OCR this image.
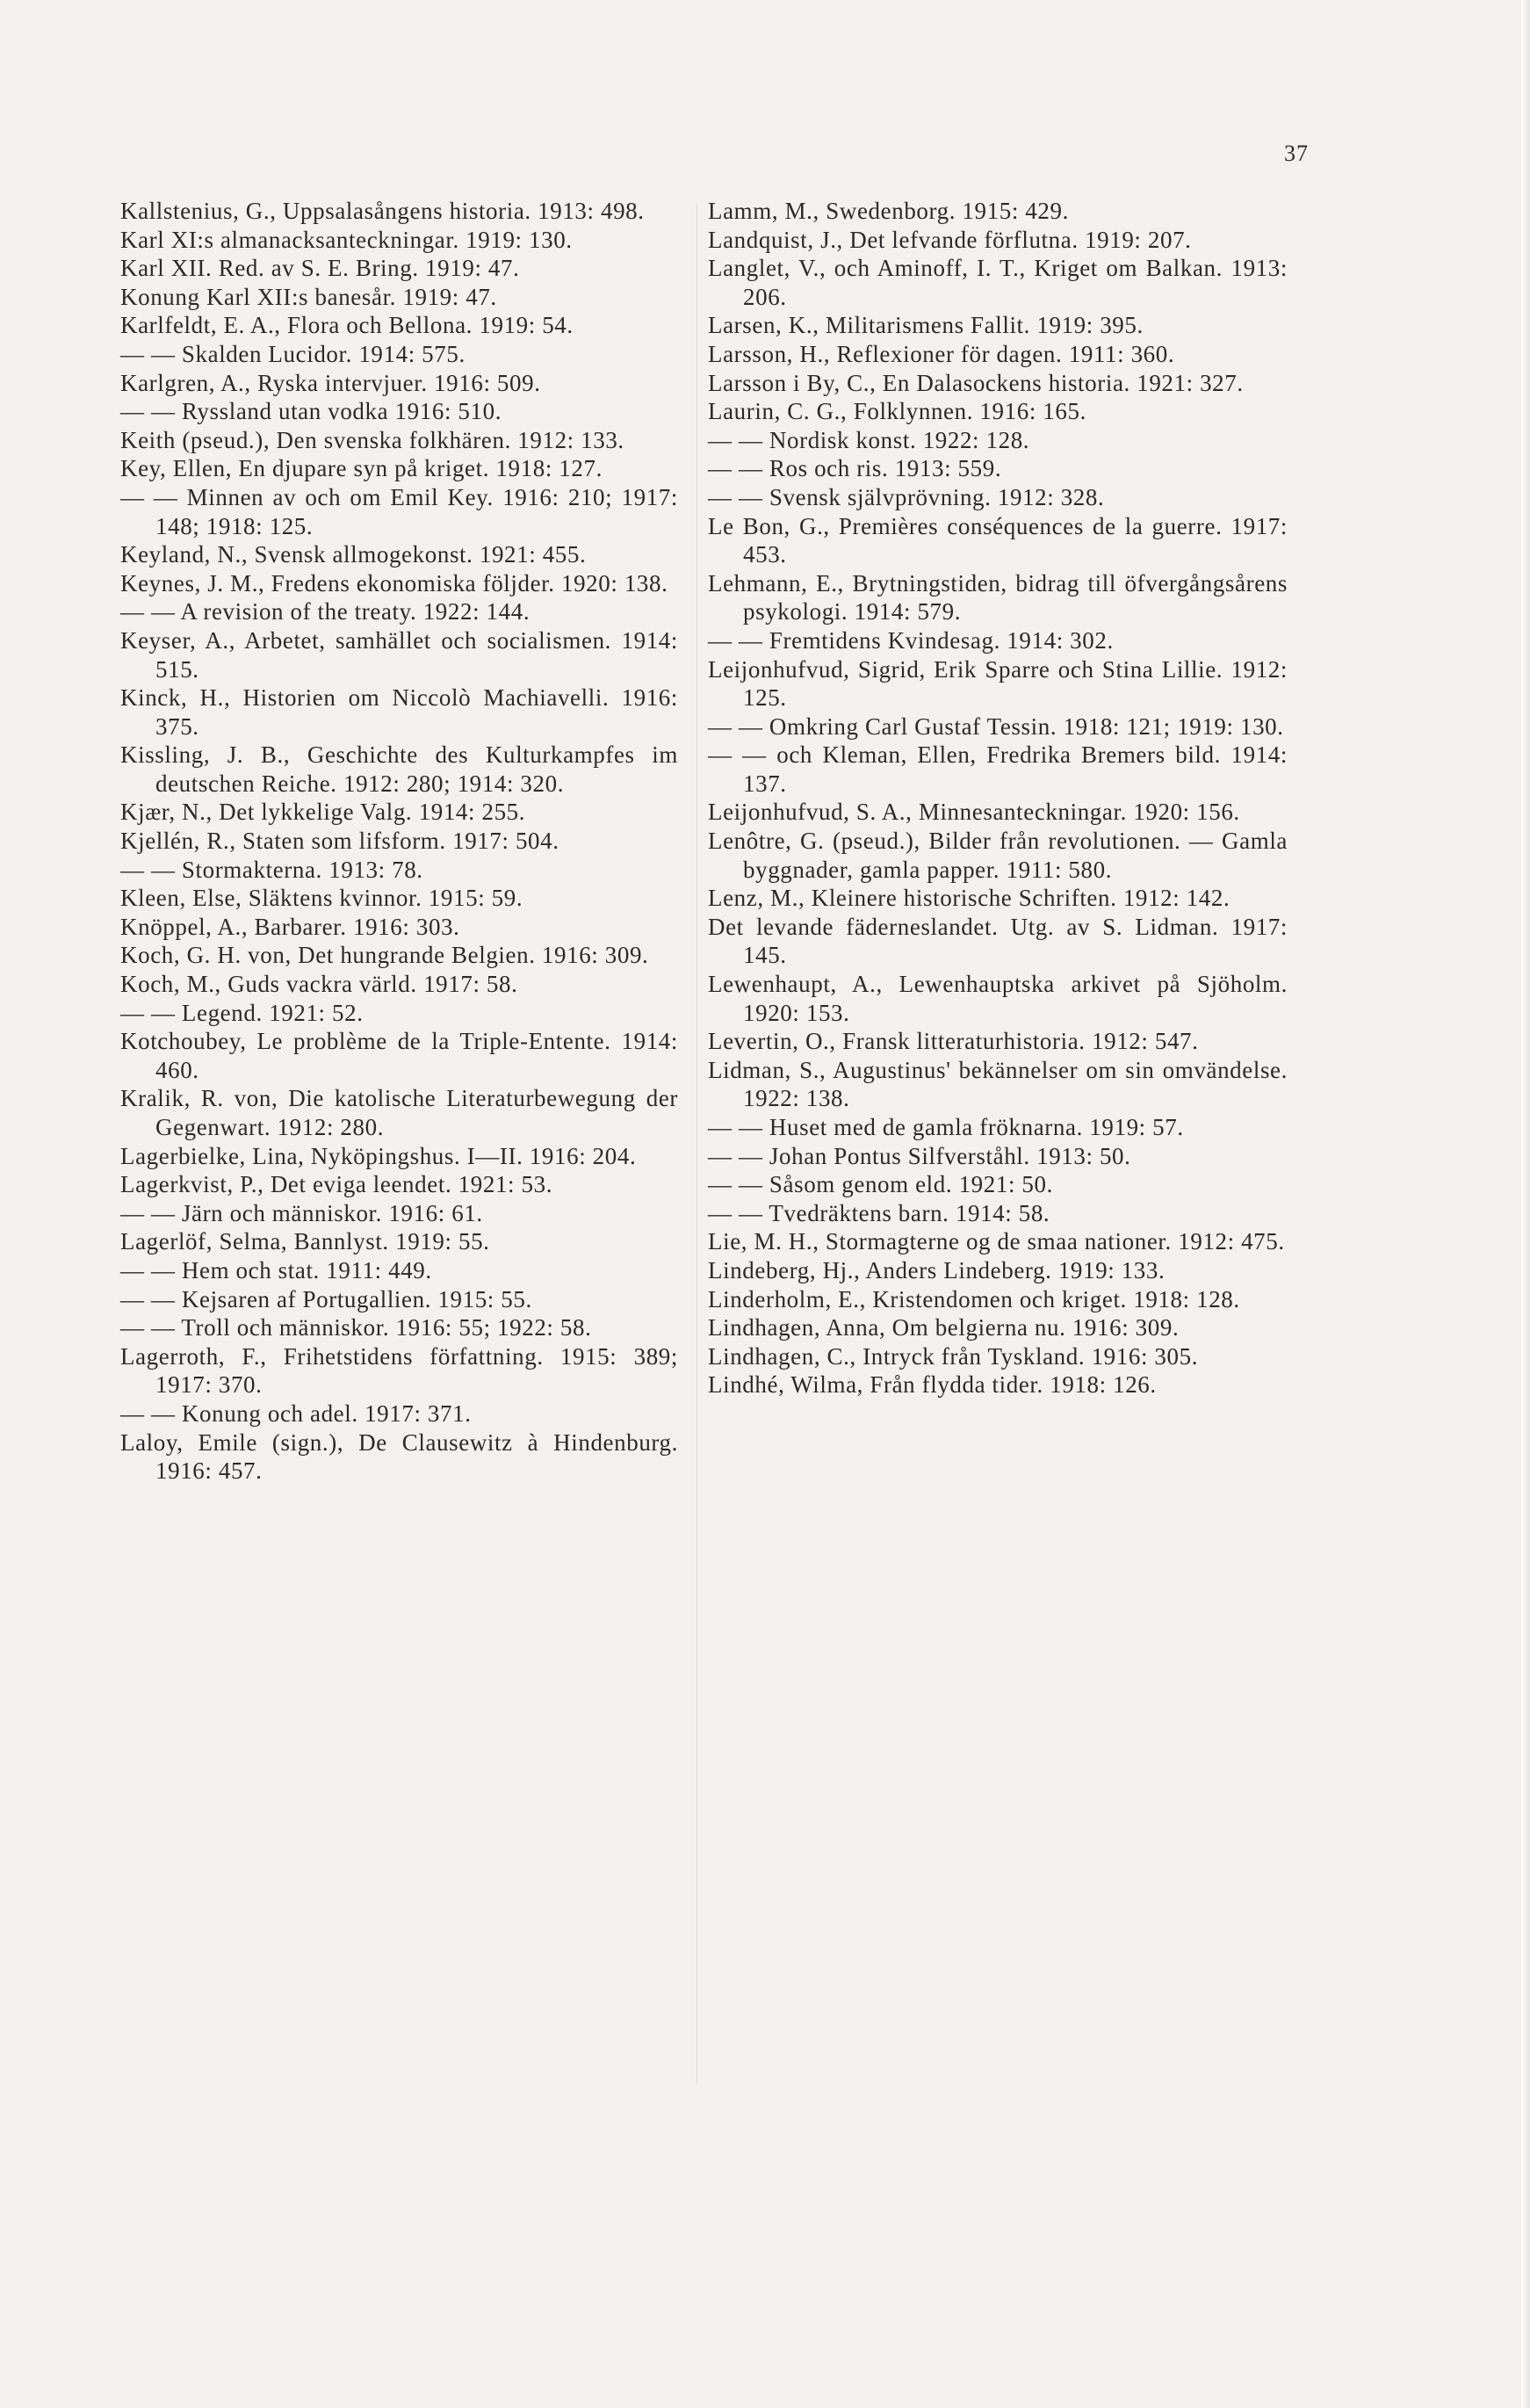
37

Kallstenius, G., Uppsalasångens historia. 1913: 498.

Karl XI:s almanacksanteckningar. 1919: 130.

Karl XII. Red. av S. E. Bring. 1919: 47.

Konung Karl XII:s banesår. 1919: 47.

Karlfeldt, E. A., Flora och Bellona. 1919: 54.

— — Skalden Lucidor. 1914: 575.

Karlgren, A., Ryska intervjuer. 1916: 509.

— — Ryssland utan vodka 1916: 510.

Keith (pseud.), Den svenska folkhären. 1912: 133.

Key, Ellen, En djupare syn på kriget. 1918: 127.

— — Minnen av och om Emil Key. 1916: 210; 1917: 148; 1918: 125.

Keyland, N., Svensk allmogekonst. 1921: 455.

Keynes, J. M., Fredens ekonomiska följder. 1920: 138.

— — A revision of the treaty. 1922: 144.

Keyser, A., Arbetet, samhället och socialismen. 1914: 515.

Kinck, H., Historien om Niccolò Machiavelli. 1916: 375.

Kissling, J. B., Geschichte des Kulturkampfes im deutschen Reiche. 1912: 280; 1914: 320.

Kjær, N., Det lykkelige Valg. 1914: 255.

Kjellén, R., Staten som lifsform. 1917: 504.

— — Stormakterna. 1913: 78.

Kleen, Else, Släktens kvinnor. 1915: 59.

Knöppel, A., Barbarer. 1916: 303.

Koch, G. H. von, Det hungrande Belgien. 1916: 309.

Koch, M., Guds vackra värld. 1917: 58.

— — Legend. 1921: 52.

Kotchoubey, Le problème de la Triple-Entente. 1914: 460.

Kralik, R. von, Die katolische Literaturbewegung der Gegenwart. 1912: 280.

Lagerbielke, Lina, Nyköpingshus. I—II. 1916: 204.

Lagerkvist, P., Det eviga leendet. 1921: 53.

— — Järn och människor. 1916: 61.

Lagerlöf, Selma, Bannlyst. 1919: 55.

— — Hem och stat. 1911: 449.

— — Kejsaren af Portugallien. 1915: 55.

— — Troll och människor. 1916: 55; 1922: 58.

Lagerroth, F., Frihetstidens författning. 1915: 389; 1917: 370.

— — Konung och adel. 1917: 371.

Laloy, Emile (sign.), De Clausewitz à Hindenburg. 1916: 457.

Lamm, M., Swedenborg. 1915: 429.

Landquist, J., Det lefvande förflutna. 1919: 207.

Langlet, V., och Aminoff, I. T., Kriget om Balkan. 1913: 206.

Larsen, K., Militarismens Fallit. 1919: 395.

Larsson, H., Reflexioner för dagen. 1911: 360.

Larsson i By, C., En Dalasockens historia. 1921: 327.

Laurin, C. G., Folklynnen. 1916: 165.

— — Nordisk konst. 1922: 128.

— — Ros och ris. 1913: 559.

— — Svensk självprövning. 1912: 328.

Le Bon, G., Premières conséquences de la guerre. 1917: 453.

Lehmann, E., Brytningstiden, bidrag till öfvergångsårens psykologi. 1914: 579.

— — Fremtidens Kvindesag. 1914: 302.

Leijonhufvud, Sigrid, Erik Sparre och Stina Lillie. 1912: 125.

— — Omkring Carl Gustaf Tessin. 1918: 121; 1919: 130.

— — och Kleman, Ellen, Fredrika Bremers bild. 1914: 137.

Leijonhufvud, S. A., Minnesanteckningar. 1920: 156.

Lenôtre, G. (pseud.), Bilder från revolutionen. — Gamla byggnader, gamla papper. 1911: 580.

Lenz, M., Kleinere historische Schriften. 1912: 142.

Det levande fäderneslandet. Utg. av S. Lidman. 1917: 145.

Lewenhaupt, A., Lewenhauptska arkivet på Sjöholm. 1920: 153.

Levertin, O., Fransk litteraturhistoria. 1912: 547.

Lidman, S., Augustinus' bekännelser om sin omvändelse. 1922: 138.

— — Huset med de gamla fröknarna. 1919: 57.

— — Johan Pontus Silfverståhl. 1913: 50.

— — Såsom genom eld. 1921: 50.

— — Tvedräktens barn. 1914: 58.

Lie, M. H., Stormagterne og de smaa nationer. 1912: 475.

Lindeberg, Hj., Anders Lindeberg. 1919: 133.

Linderholm, E., Kristendomen och kriget. 1918: 128.

Lindhagen, Anna, Om belgierna nu. 1916: 309.

Lindhagen, C., Intryck från Tyskland. 1916: 305.

Lindhé, Wilma, Från flydda tider. 1918: 126.
